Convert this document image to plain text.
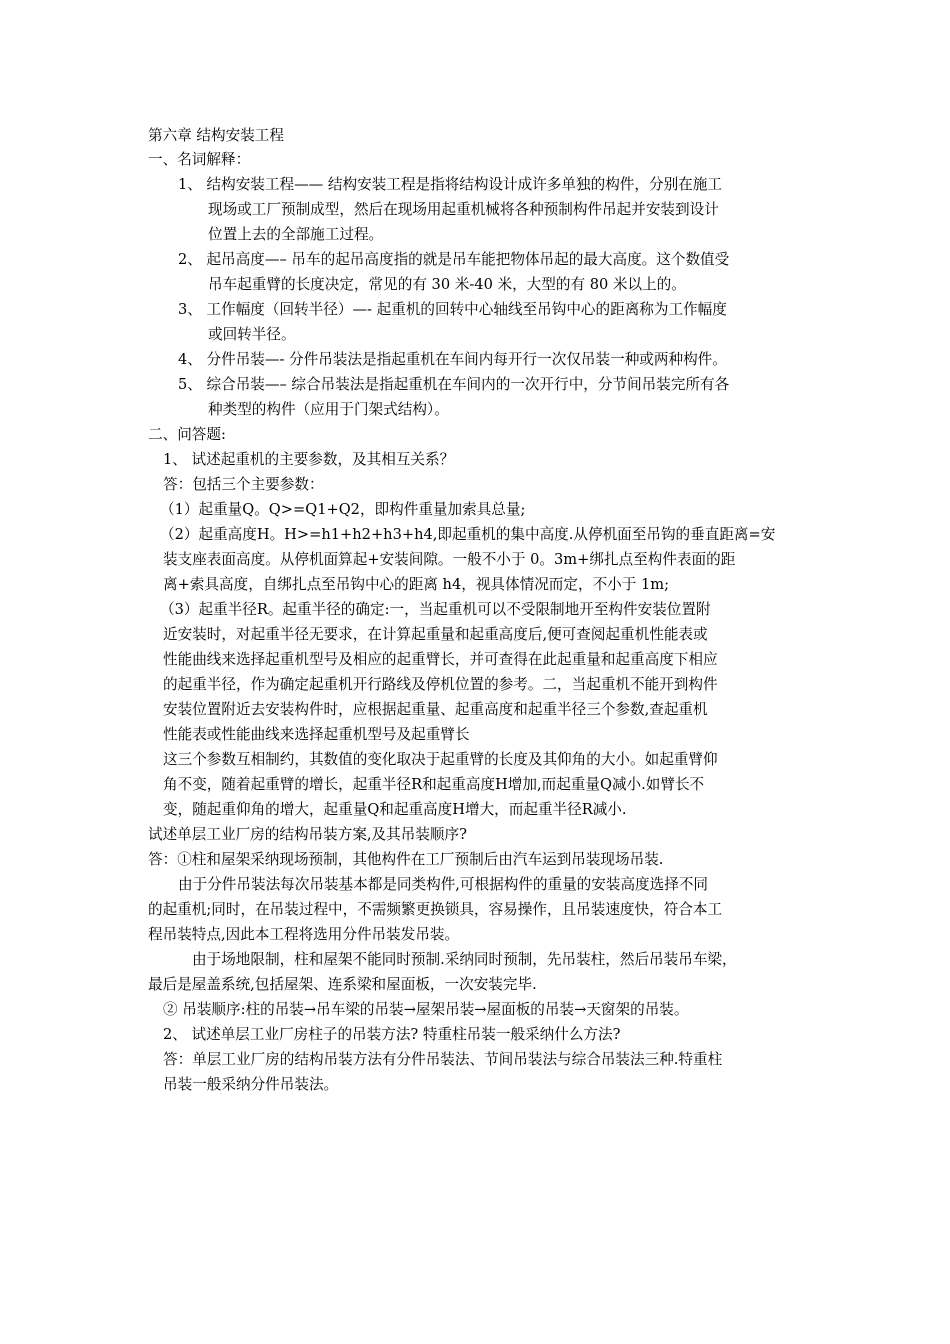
第六章 结构安装工程
一、名词解释：
1、 结构安装工程—— 结构安装工程是指将结构设计成许多单独的构件，分别在施工
现场或工厂预制成型，然后在现场用起重机械将各种预制构件吊起并安装到设计
位置上去的全部施工过程。
2、 起吊高度—– 吊车的起吊高度指的就是吊车能把物体吊起的最大高度。这个数值受
吊车起重臂的长度决定，常见的有 30 米-40 米，大型的有 80 米以上的。
3、 工作幅度（回转半径）—- 起重机的回转中心轴线至吊钩中心的距离称为工作幅度
或回转半径。
4、 分件吊装—- 分件吊装法是指起重机在车间内每开行一次仅吊装一种或两种构件。
5、 综合吊装—– 综合吊装法是指起重机在车间内的一次开行中，分节间吊装完所有各
种类型的构件（应用于门架式结构）。
二、问答题:
1、 试述起重机的主要参数，及其相互关系？
答：包括三个主要参数：
（1）起重量Q。Q>=Q1+Q2，即构件重量加索具总量;
（2）起重高度H。H>=h1+h2+h3+h4,即起重机的集中高度.从停机面至吊钩的垂直距离=安
装支座表面高度。从停机面算起+安装间隙。一般不小于 0。3m+绑扎点至构件表面的距
离+索具高度，自绑扎点至吊钩中心的距离 h4，视具体情况而定，不小于 1m;
（3）起重半径R。起重半径的确定:一，当起重机可以不受限制地开至构件安装位置附
近安装时，对起重半径无要求，在计算起重量和起重高度后,便可查阅起重机性能表或
性能曲线来选择起重机型号及相应的起重臂长，并可查得在此起重量和起重高度下相应
的起重半径，作为确定起重机开行路线及停机位置的参考。二，当起重机不能开到构件
安装位置附近去安装构件时，应根据起重量、起重高度和起重半径三个参数,查起重机
性能表或性能曲线来选择起重机型号及起重臂长
这三个参数互相制约，其数值的变化取决于起重臂的长度及其仰角的大小。如起重臂仰
角不变，随着起重臂的增长，起重半径R和起重高度H增加,而起重量Q减小.如臂长不
变，随起重仰角的增大，起重量Q和起重高度H增大，而起重半径R减小.
试述单层工业厂房的结构吊装方案,及其吊装顺序?
答：①柱和屋架采纳现场预制，其他构件在工厂预制后由汽车运到吊装现场吊装.
由于分件吊装法每次吊装基本都是同类构件,可根据构件的重量的安装高度选择不同
的起重机;同时，在吊装过程中，不需频繁更换锁具，容易操作，且吊装速度快，符合本工
程吊装特点,因此本工程将选用分件吊装发吊装。
由于场地限制，柱和屋架不能同时预制.采纳同时预制，先吊装柱，然后吊装吊车梁，
最后是屋盖系统,包括屋架、连系梁和屋面板，一次安装完毕.
② 吊装顺序:柱的吊装→吊车梁的吊装→屋架吊装→屋面板的吊装→天窗架的吊装。
2、 试述单层工业厂房柱子的吊装方法? 特重柱吊装一般采纳什么方法?
答：单层工业厂房的结构吊装方法有分件吊装法、节间吊装法与综合吊装法三种.特重柱
吊装一般采纳分件吊装法。
